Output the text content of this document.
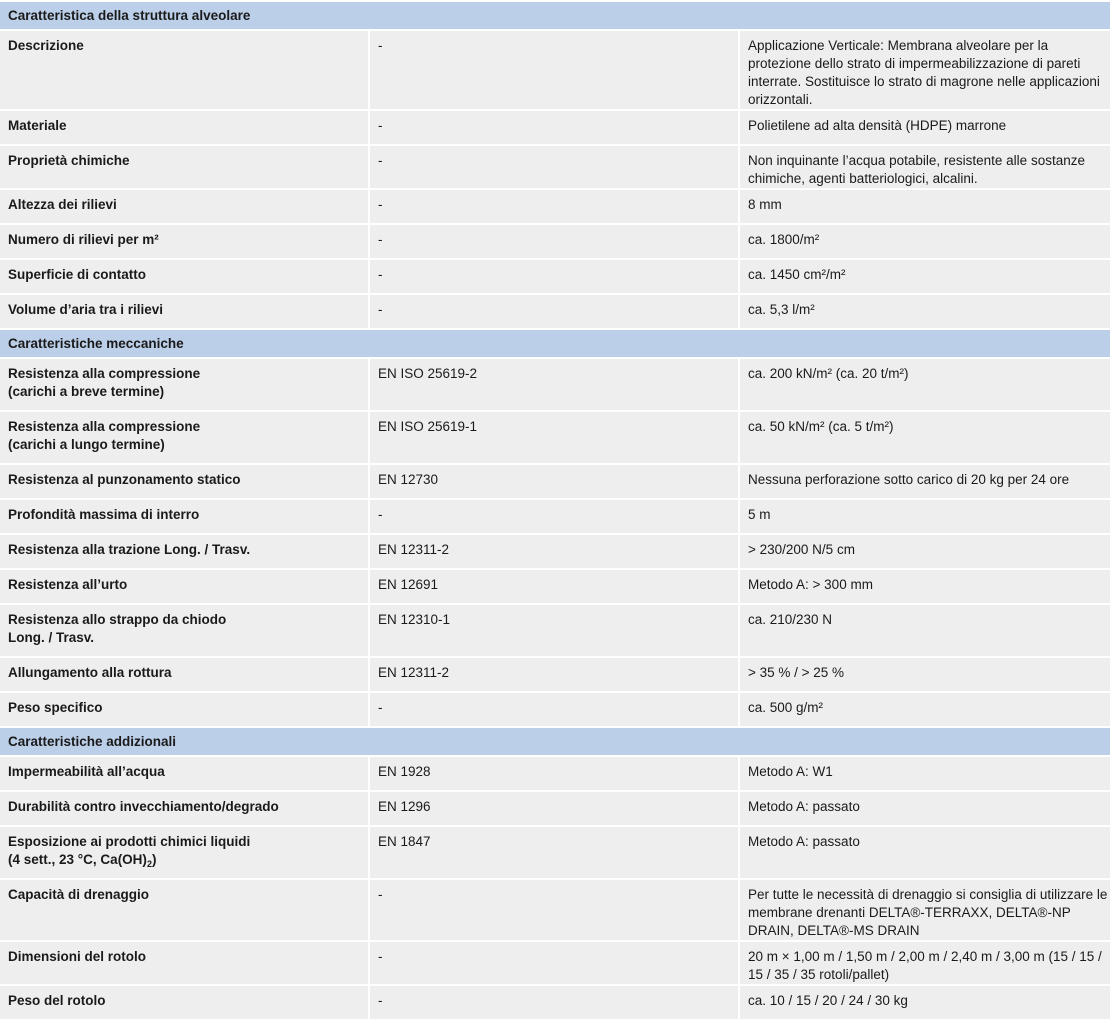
Caratteristica della struttura alveolare		
Descrizione	-	Applicazione Verticale: Membrana alveolare per la protezione dello strato di impermeabilizzazione di pareti interrate. Sostituisce lo strato di magrone nelle applicazioni orizzontali.
Materiale	-	Polietilene ad alta densità (HDPE) marrone
Proprietà chimiche	-	Non inquinante l’acqua potabile, resistente alle sostanze chimiche, agenti batteriologici, alcalini.
Altezza dei rilievi	-	8 mm
Numero di rilievi per m²	-	ca. 1800/m²
Superficie di contatto	-	ca. 1450 cm²/m²
Volume d’aria tra i rilievi	-	ca. 5,3 l/m²
Caratteristiche meccaniche		
Resistenza alla compressione
(carichi a breve termine)	EN ISO 25619-2	ca. 200 kN/m² (ca. 20 t/m²)
Resistenza alla compressione
(carichi a lungo termine)	EN ISO 25619-1	ca. 50 kN/m² (ca. 5 t/m²)
Resistenza al punzonamento statico	EN 12730	Nessuna perforazione sotto carico di 20 kg per 24 ore
Profondità massima di interro	-	5 m
Resistenza alla trazione Long. / Trasv.	EN 12311-2	> 230/200 N/5 cm
Resistenza all’urto	EN 12691	Metodo A: > 300 mm
Resistenza allo strappo da chiodo
Long. / Trasv.	EN 12310-1	ca. 210/230 N
Allungamento alla rottura	EN 12311-2	> 35 % / > 25 %
Peso specifico	-	ca. 500 g/m²
Caratteristiche addizionali		
Impermeabilità all’acqua	EN 1928	Metodo A: W1
Durabilità contro invecchiamento/degrado	EN 1296	Metodo A: passato
Esposizione ai prodotti chimici liquidi
(4 sett., 23 °C, $Ca(OH)_2$)	EN 1847	Metodo A: passato
Capacità di drenaggio	-	Per tutte le necessità di drenaggio si consiglia di utilizzare le membrane drenanti DELTA®-TERRAXX, DELTA®-NP DRAIN, DELTA®-MS DRAIN
Dimensioni del rotolo	-	20 m × 1,00 m / 1,50 m / 2,00 m / 2,40 m / 3,00 m (15 / 15 / 15 / 35 / 35 rotoli/pallet)
Peso del rotolo	-	ca. 10 / 15 / 20 / 24 / 30 kg
